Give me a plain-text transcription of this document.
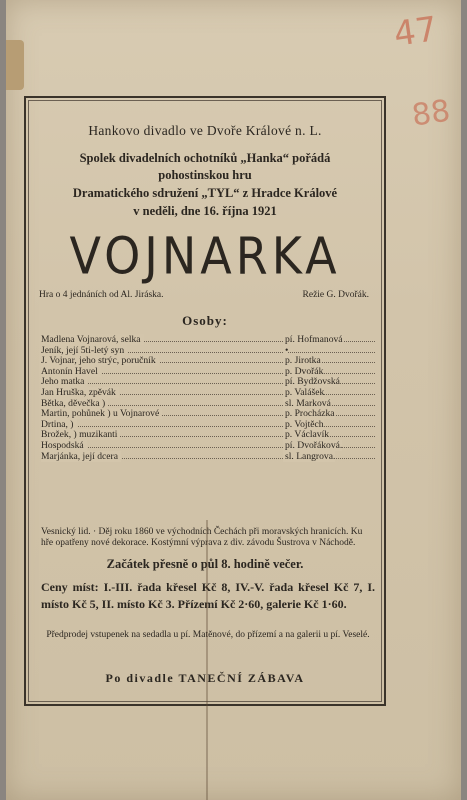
47
88
Hankovo divadlo ve Dvoře Králové n. L.
Spolek divadelních ochotníků „Hanka“ pořádá
pohostinskou hru
Dramatického sdružení „TYL“ z Hradce Králové
v neděli, dne 16. října 1921
VOJNARKA
Hra o 4 jednáních od Al. Jiráska.	Režie G. Dvořák.
Osoby:
Madlena Vojnarová, selka	pí. Hofmanová
Jeník, její 5ti-letý syn	•
J. Vojnar, jeho strýc, poručník	p. Jirotka
Antonín Havel	p. Dvořák
Jeho matka	pí. Bydžovská
Jan Hruška, zpěvák	p. Valášek
Bětka, děvečka )	sl. Marková
Martin, pohůnek ) u Vojnarové	p. Procházka
Drtina, )	p. Vojtěch
Brožek, ) muzikanti	p. Václavík
Hospodská	pí. Dvořáková.
Marjánka, její dcera	sl. Langrova.
Vesnický lid. · Děj roku 1860 ve východních Čechách při moravských hranicích. Ku hře opatřeny nové dekorace. Kostýmní výprava z div. závodu Šustrova v Náchodě.
Začátek přesně o půl 8. hodině večer.
Ceny míst: I.-III. řada křesel Kč 8, IV.-V. řada křesel Kč 7, I. místo Kč 5, II. místo Kč 3. Přízemí Kč 2·60, galerie Kč 1·60.
Předprodej vstupenek na sedadla u pí. Matěnové, do přízemí a na galerii u pí. Veselé.
Po divadle TANEČNÍ ZÁBAVA
